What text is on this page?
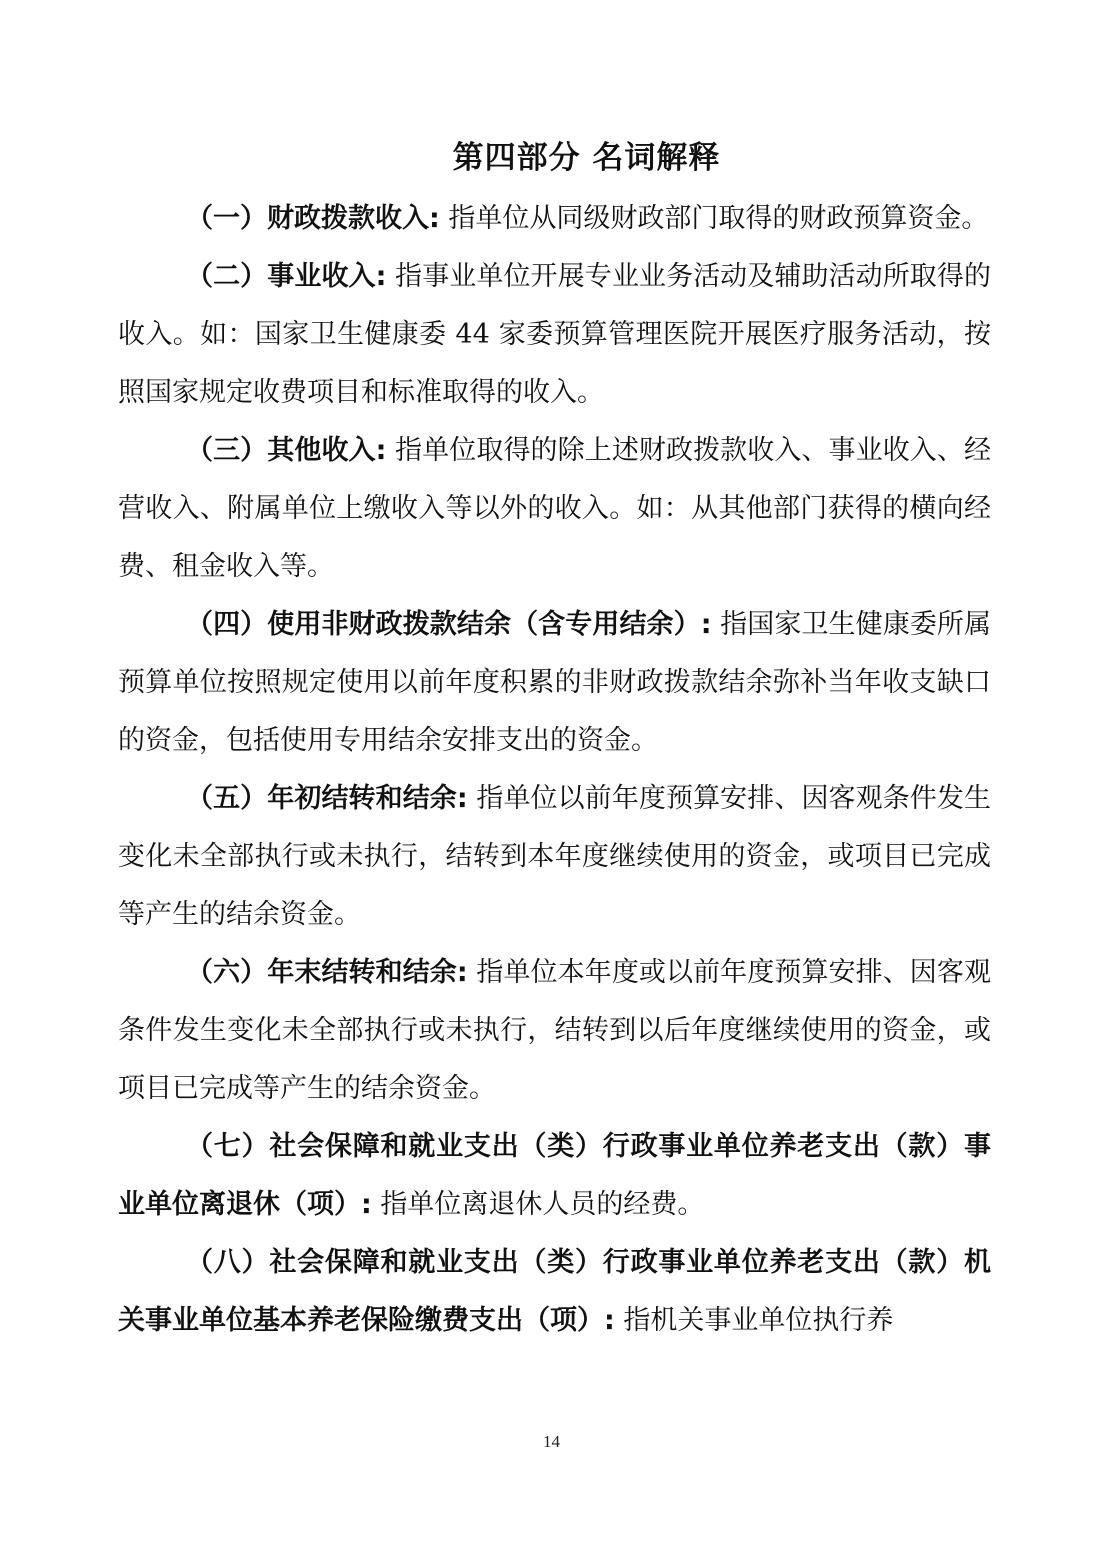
第四部分 名词解释

（一）财政拨款收入: 指单位从同级财政部门取得的财政预算资金。

（二）事业收入: 指事业单位开展专业业务活动及辅助活动所取得的收入。如：国家卫生健康委 44 家委预算管理医院开展医疗服务活动，按照国家规定收费项目和标准取得的收入。

（三）其他收入: 指单位取得的除上述财政拨款收入、事业收入、经营收入、附属单位上缴收入等以外的收入。如：从其他部门获得的横向经费、租金收入等。

（四）使用非财政拨款结余（含专用结余）: 指国家卫生健康委所属预算单位按照规定使用以前年度积累的非财政拨款结余弥补当年收支缺口的资金，包括使用专用结余安排支出的资金。

（五）年初结转和结余: 指单位以前年度预算安排、因客观条件发生变化未全部执行或未执行，结转到本年度继续使用的资金，或项目已完成等产生的结余资金。

（六）年末结转和结余: 指单位本年度或以前年度预算安排、因客观条件发生变化未全部执行或未执行，结转到以后年度继续使用的资金，或项目已完成等产生的结余资金。

（七）社会保障和就业支出（类）行政事业单位养老支出（款）事业单位离退休（项）: 指单位离退休人员的经费。

（八）社会保障和就业支出（类）行政事业单位养老支出（款）机关事业单位基本养老保险缴费支出（项）: 指机关事业单位执行养

14
